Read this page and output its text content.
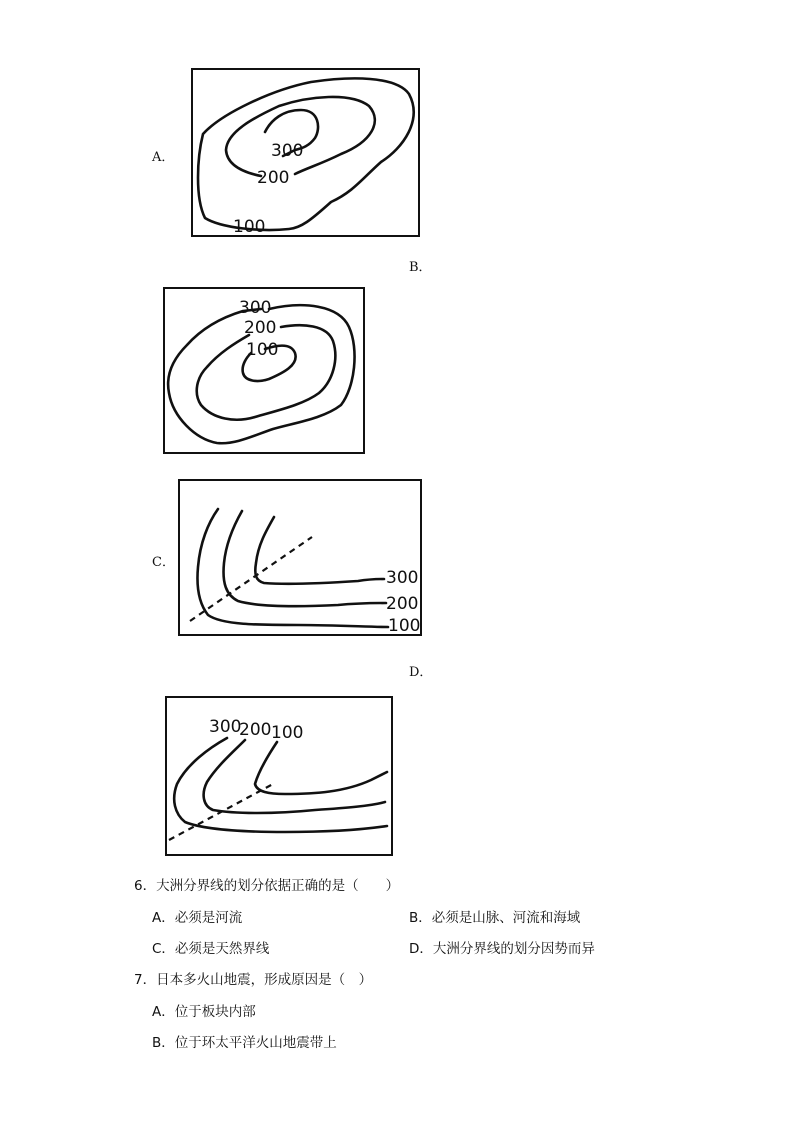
A．	300
200
100
B．
300
200
100
C．
300
200
100
D．
300
200 100
6．大洲分界线的划分依据正确的是（　　）
A．必须是河流	B．必须是山脉、河流和海域
C．必须是天然界线	D．大洲分界线的划分因势而异
7．日本多火山地震，形成原因是（　）
A．位于板块内部
B．位于环太平洋火山地震带上
